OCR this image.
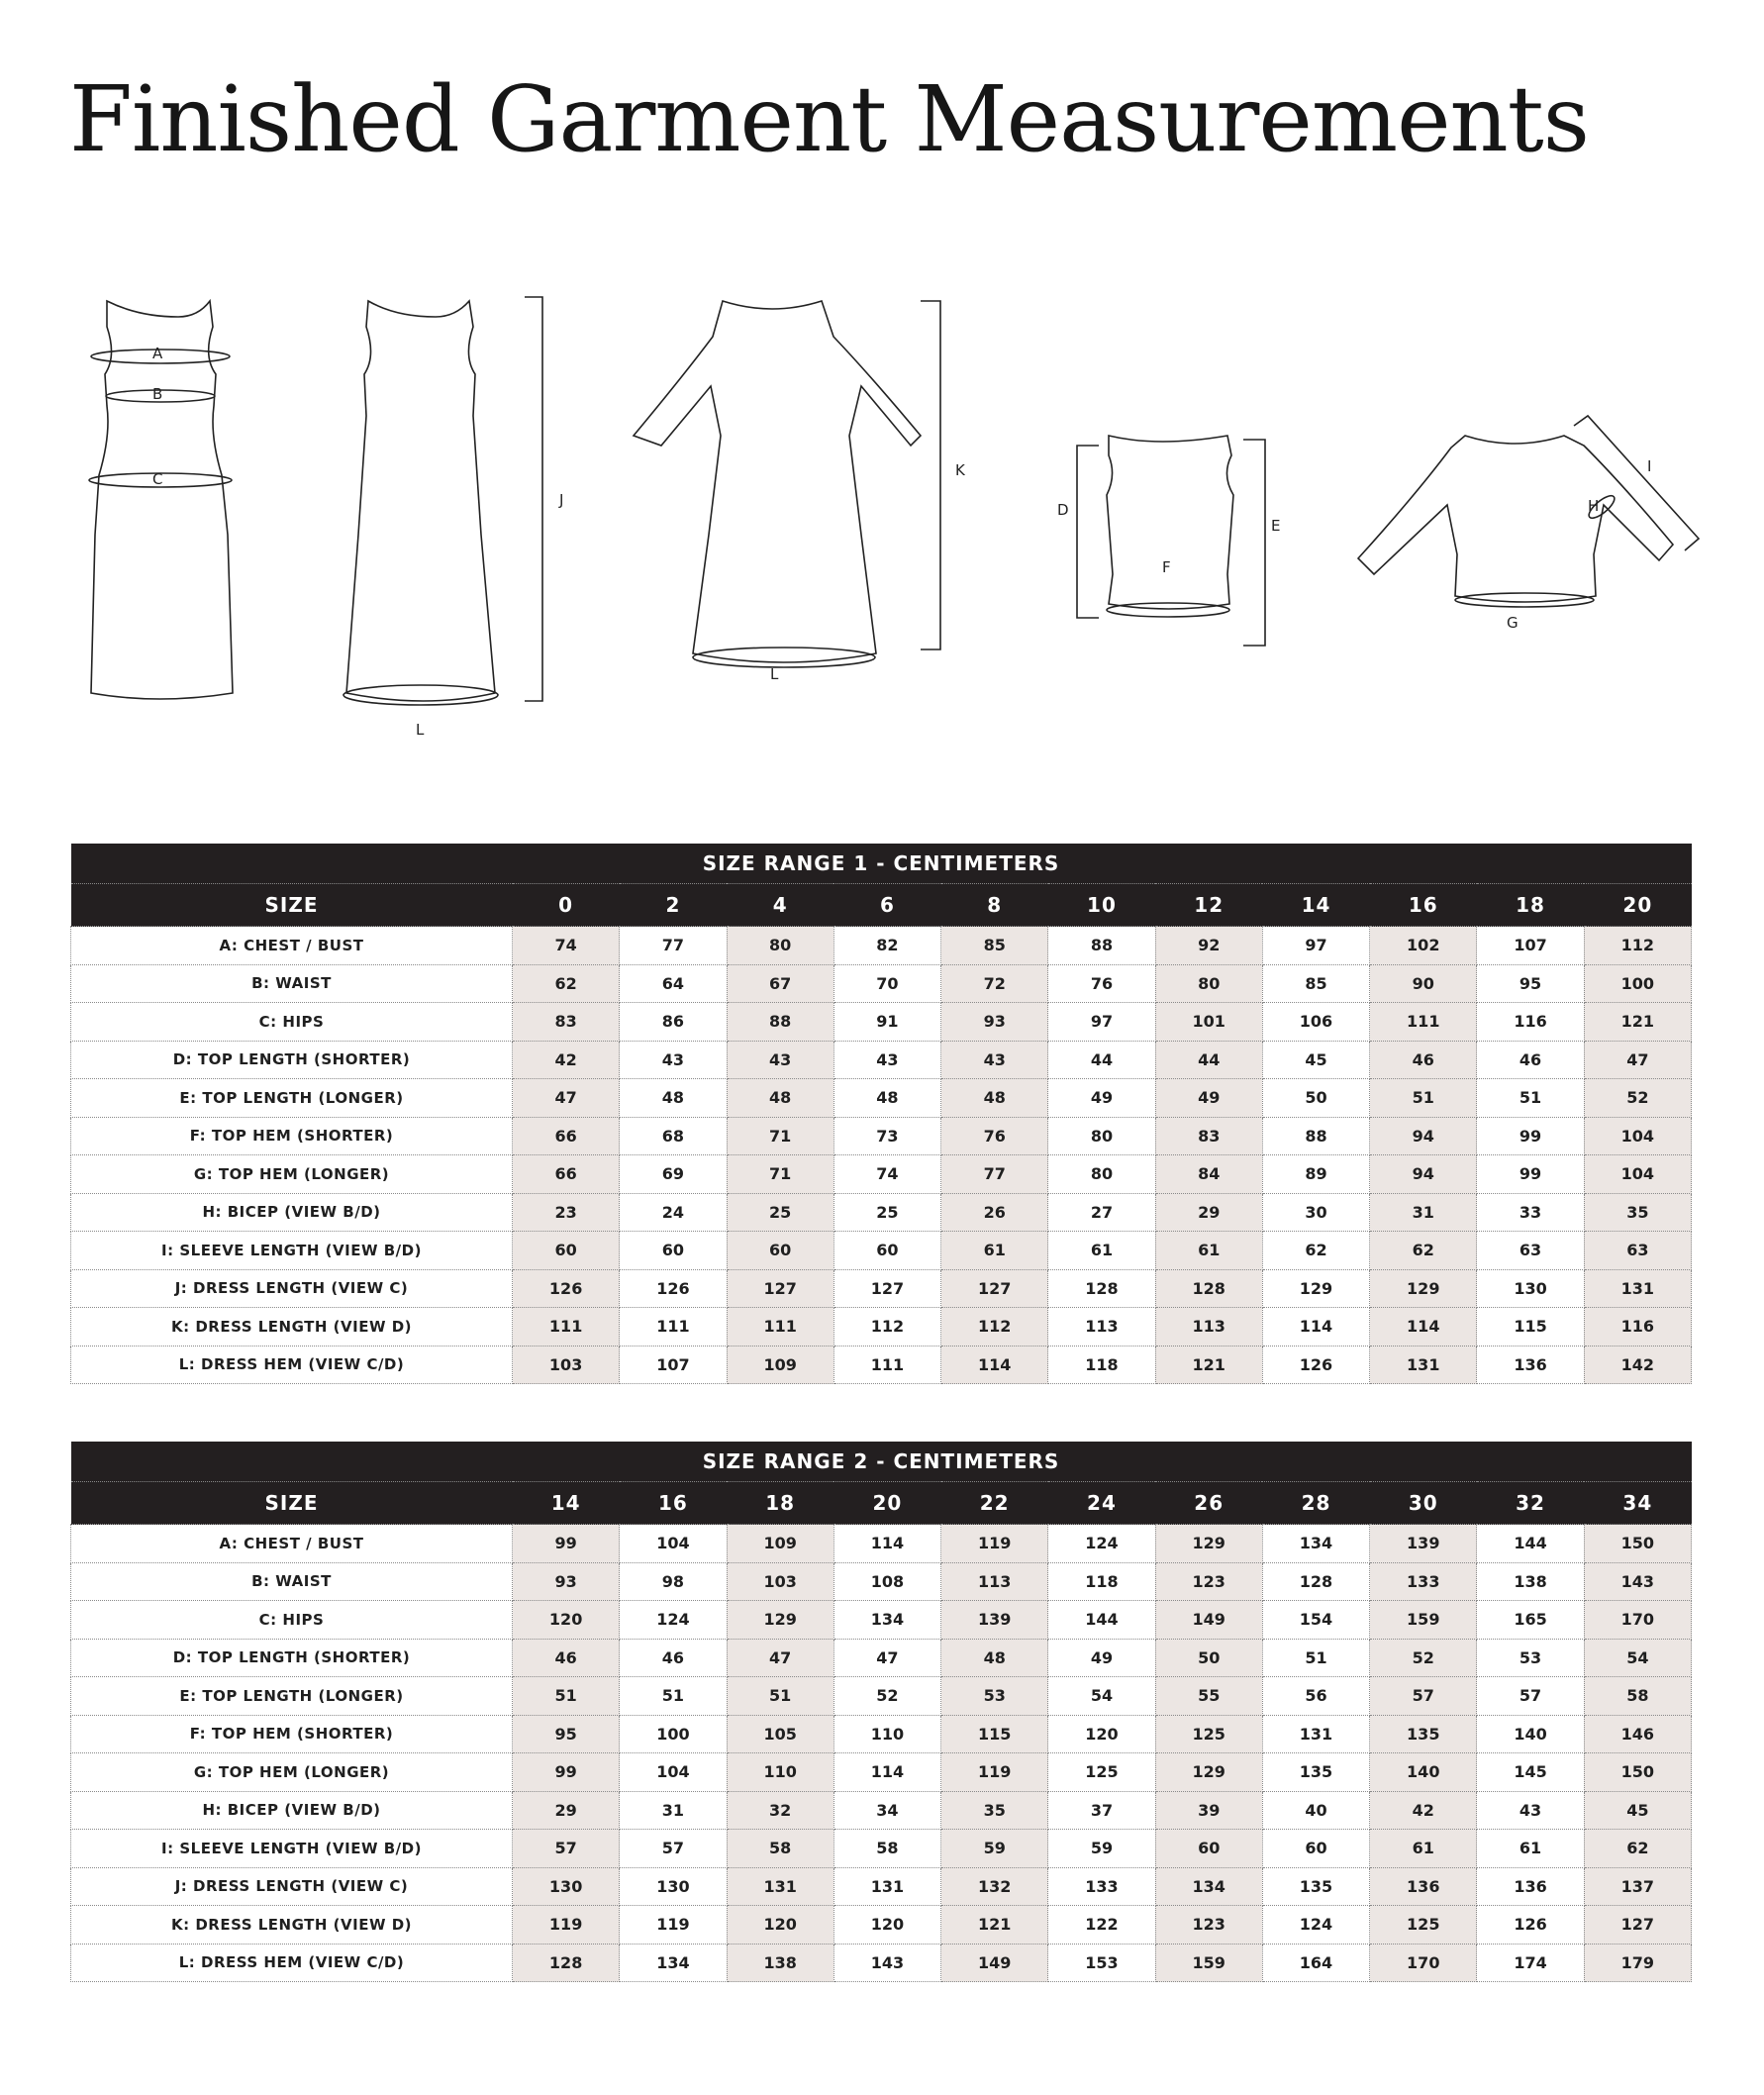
Finished Garment Measurements
A
B
C
J
L
K
L
D
E
F
G
H
I
SIZE RANGE 1 - CENTIMETERS											
SIZE	0	2	4	6	8	10	12	14	16	18	20
A: CHEST / BUST	74	77	80	82	85	88	92	97	102	107	112
B: WAIST	62	64	67	70	72	76	80	85	90	95	100
C: HIPS	83	86	88	91	93	97	101	106	111	116	121
D: TOP LENGTH (SHORTER)	42	43	43	43	43	44	44	45	46	46	47
E: TOP LENGTH (LONGER)	47	48	48	48	48	49	49	50	51	51	52
F: TOP HEM (SHORTER)	66	68	71	73	76	80	83	88	94	99	104
G: TOP HEM (LONGER)	66	69	71	74	77	80	84	89	94	99	104
H: BICEP (VIEW B/D)	23	24	25	25	26	27	29	30	31	33	35
I: SLEEVE LENGTH (VIEW B/D)	60	60	60	60	61	61	61	62	62	63	63
J: DRESS LENGTH (VIEW C)	126	126	127	127	127	128	128	129	129	130	131
K: DRESS LENGTH (VIEW D)	111	111	111	112	112	113	113	114	114	115	116
L: DRESS HEM (VIEW C/D)	103	107	109	111	114	118	121	126	131	136	142
SIZE RANGE 2 - CENTIMETERS											
SIZE	14	16	18	20	22	24	26	28	30	32	34
A: CHEST / BUST	99	104	109	114	119	124	129	134	139	144	150
B: WAIST	93	98	103	108	113	118	123	128	133	138	143
C: HIPS	120	124	129	134	139	144	149	154	159	165	170
D: TOP LENGTH (SHORTER)	46	46	47	47	48	49	50	51	52	53	54
E: TOP LENGTH (LONGER)	51	51	51	52	53	54	55	56	57	57	58
F: TOP HEM (SHORTER)	95	100	105	110	115	120	125	131	135	140	146
G: TOP HEM (LONGER)	99	104	110	114	119	125	129	135	140	145	150
H: BICEP (VIEW B/D)	29	31	32	34	35	37	39	40	42	43	45
I: SLEEVE LENGTH (VIEW B/D)	57	57	58	58	59	59	60	60	61	61	62
J: DRESS LENGTH (VIEW C)	130	130	131	131	132	133	134	135	136	136	137
K: DRESS LENGTH (VIEW D)	119	119	120	120	121	122	123	124	125	126	127
L: DRESS HEM (VIEW C/D)	128	134	138	143	149	153	159	164	170	174	179
